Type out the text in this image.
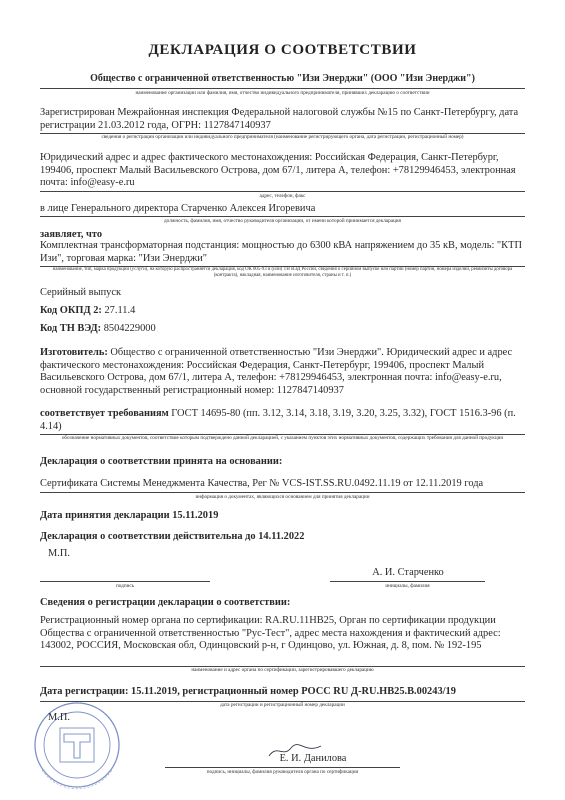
ДЕКЛАРАЦИЯ О СООТВЕТСТВИИ
Общество с ограниченной ответственностью "Изи Энерджи" (ООО "Изи Энерджи")
наименование организации или фамилия, имя, отчество индивидуального предпринимателя, принявших декларацию о соответствии
Зарегистрирован Межрайонная инспекция Федеральной налоговой службы №15 по Санкт-Петербургу, дата регистрации 21.03.2012 года, ОГРН: 1127847140937
сведения о регистрации организации или индивидуального предпринимателя (наименование регистрирующего органа, дата регистрации, регистрационный номер)
Юридический адрес и адрес фактического местонахождения: Российская Федерация, Санкт-Петербург, 199406, проспект Малый Васильевского Острова, дом 67/1, литера А, телефон: +78129946453, электронная почта: info@easy-e.ru
адрес, телефон, факс
в лице Генерального директора Старченко Алексея Игоревича
должность, фамилия, имя, отчество руководителя организации, от имени которой принимается декларация
заявляет, что
Комплектная трансформаторная подстанция: мощностью до 6300 кВА напряжением до 35 кВ, модель: "КТП Изи", торговая марка: "Изи Энерджи"
наименование, тип, марка продукции (услуги), на которую распространяется декларация, код ОК 005-93 и (или) ТН ВЭД России, сведения о серийном выпуске или партии (номер партии, номера изделий, реквизиты договора (контракта), накладная, наименование изготовителя, страны и т. п.)
Серийный выпуск
Код ОКПД 2: 27.11.4
Код ТН ВЭД: 8504229000
Изготовитель: Общество с ограниченной ответственностью "Изи Энерджи". Юридический адрес и адрес фактического местонахождения: Российская Федерация, Санкт-Петербург, 199406, проспект Малый Васильевского Острова, дом 67/1, литера А, телефон: +78129946453, электронная почта: info@easy-e.ru, основной государственный регистрационный номер: 1127847140937
соответствует требованиям ГОСТ 14695-80 (пп. 3.12, 3.14, 3.18, 3.19, 3.20, 3.25, 3.32), ГОСТ 1516.3-96 (п. 4.14)
обозначение нормативных документов, соответствие которым подтверждено данной декларацией, с указанием пунктов этих нормативных документов, содержащих требования для данной продукции
Декларация о соответствии принята на основании:
Сертификата Системы Менеджмента Качества, Рег № VCS-IST.SS.RU.0492.11.19 от 12.11.2019 года
информация о документах, являющихся основанием для принятия декларации
Дата принятия декларации 15.11.2019
Декларация о соответствии действительна до 14.11.2022
М.П.
А. И. Старченко
подпись	инициалы, фамилия
Сведения о регистрации декларации о соответствии:
Регистрационный номер органа по сертификации: RA.RU.11HB25, Орган по сертификации продукции Общества с ограниченной ответственностью "Рус-Тест", адрес места нахождения и фактический адрес: 143002, РОССИЯ, Московская обл, Одинцовский р-н, г Одинцово, ул. Южная, д. 8, пом. № 192-195
наименование и адрес органа по сертификации, зарегистрировавшего декларацию
Дата регистрации: 15.11.2019, регистрационный номер РОСС RU Д-RU.НВ25.В.00243/19
дата регистрации и регистрационный номер декларации
М.П.
Е. И. Данилова
подпись, инициалы, фамилия руководителя органа по сертификации
